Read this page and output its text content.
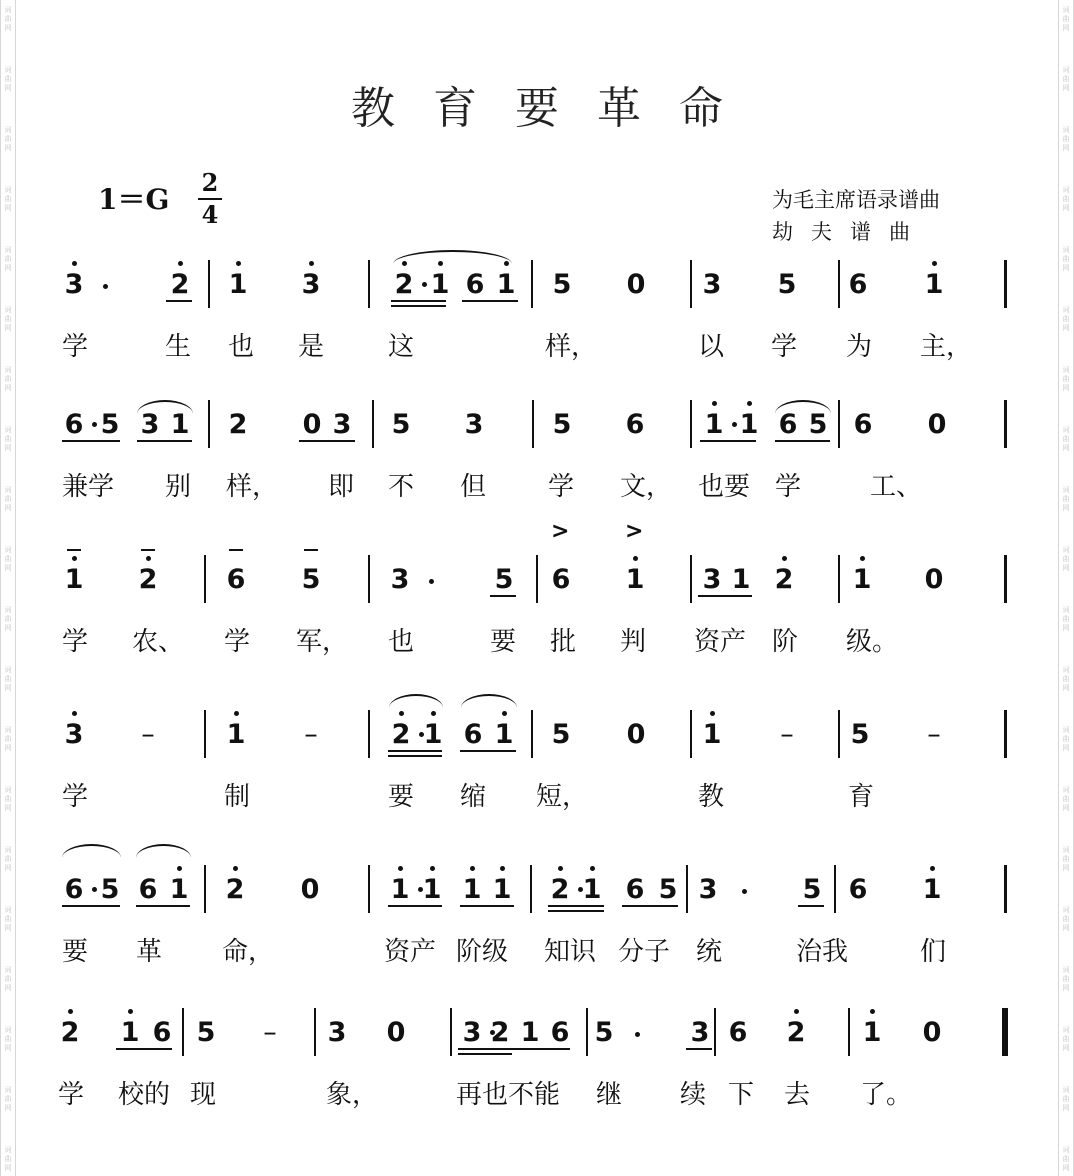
词
曲
网
词
曲
网
词
曲
网
词
曲
网
词
曲
网
词
曲
网
词
曲
网
词
曲
网
词
曲
网
词
曲
网
词
曲
网
词
曲
网
词
曲
网
词
曲
网
词
曲
网
词
曲
网
词
曲
网
词
曲
网
词
曲
网
词
曲
网
词
曲
网
词
曲
网
词
曲
网
词
曲
网
词
曲
网
词
曲
网
词
曲
网
词
曲
网
词
曲
网
词
曲
网
词
曲
网
词
曲
网
词
曲
网
词
曲
网
词
曲
网
词
曲
网
词
曲
网
词
曲
网
词
曲
网
词
曲
网
教育要革命
1＝G
2
4	为毛主席语录谱曲
劫夫谱曲
3	2 1 3	2 1 6 1 5 0 3 5 6 1
学	生 也 是 这	样，	以 学 为 主，
6 5 3 1 2 0 3 5 3	5 6 1 1 6 5 6 0
兼学 别 样， 即 不 但 学 文， 也要 学	工、
1 2	6 5	3	5 6
>
1
>
3 1 2 1 0
学 农、 学 军， 也	要 批 判 资产 阶 级。
3 –	1 –	2 1 6 1 5 0 1 – 5 –
学	制	要 缩 短，	教	育
6 5 6 1 2 0	1 1 1 1 2 1 6 5 3	5 6 1
要 革 命，	资产 阶级 知识 分子 统	治我	们
2 1 6 5 – 3 0 3 2 1 6 5	3 6 2 1 0
学 校的 现	象，	再也不能 继 续 下 去 了。
